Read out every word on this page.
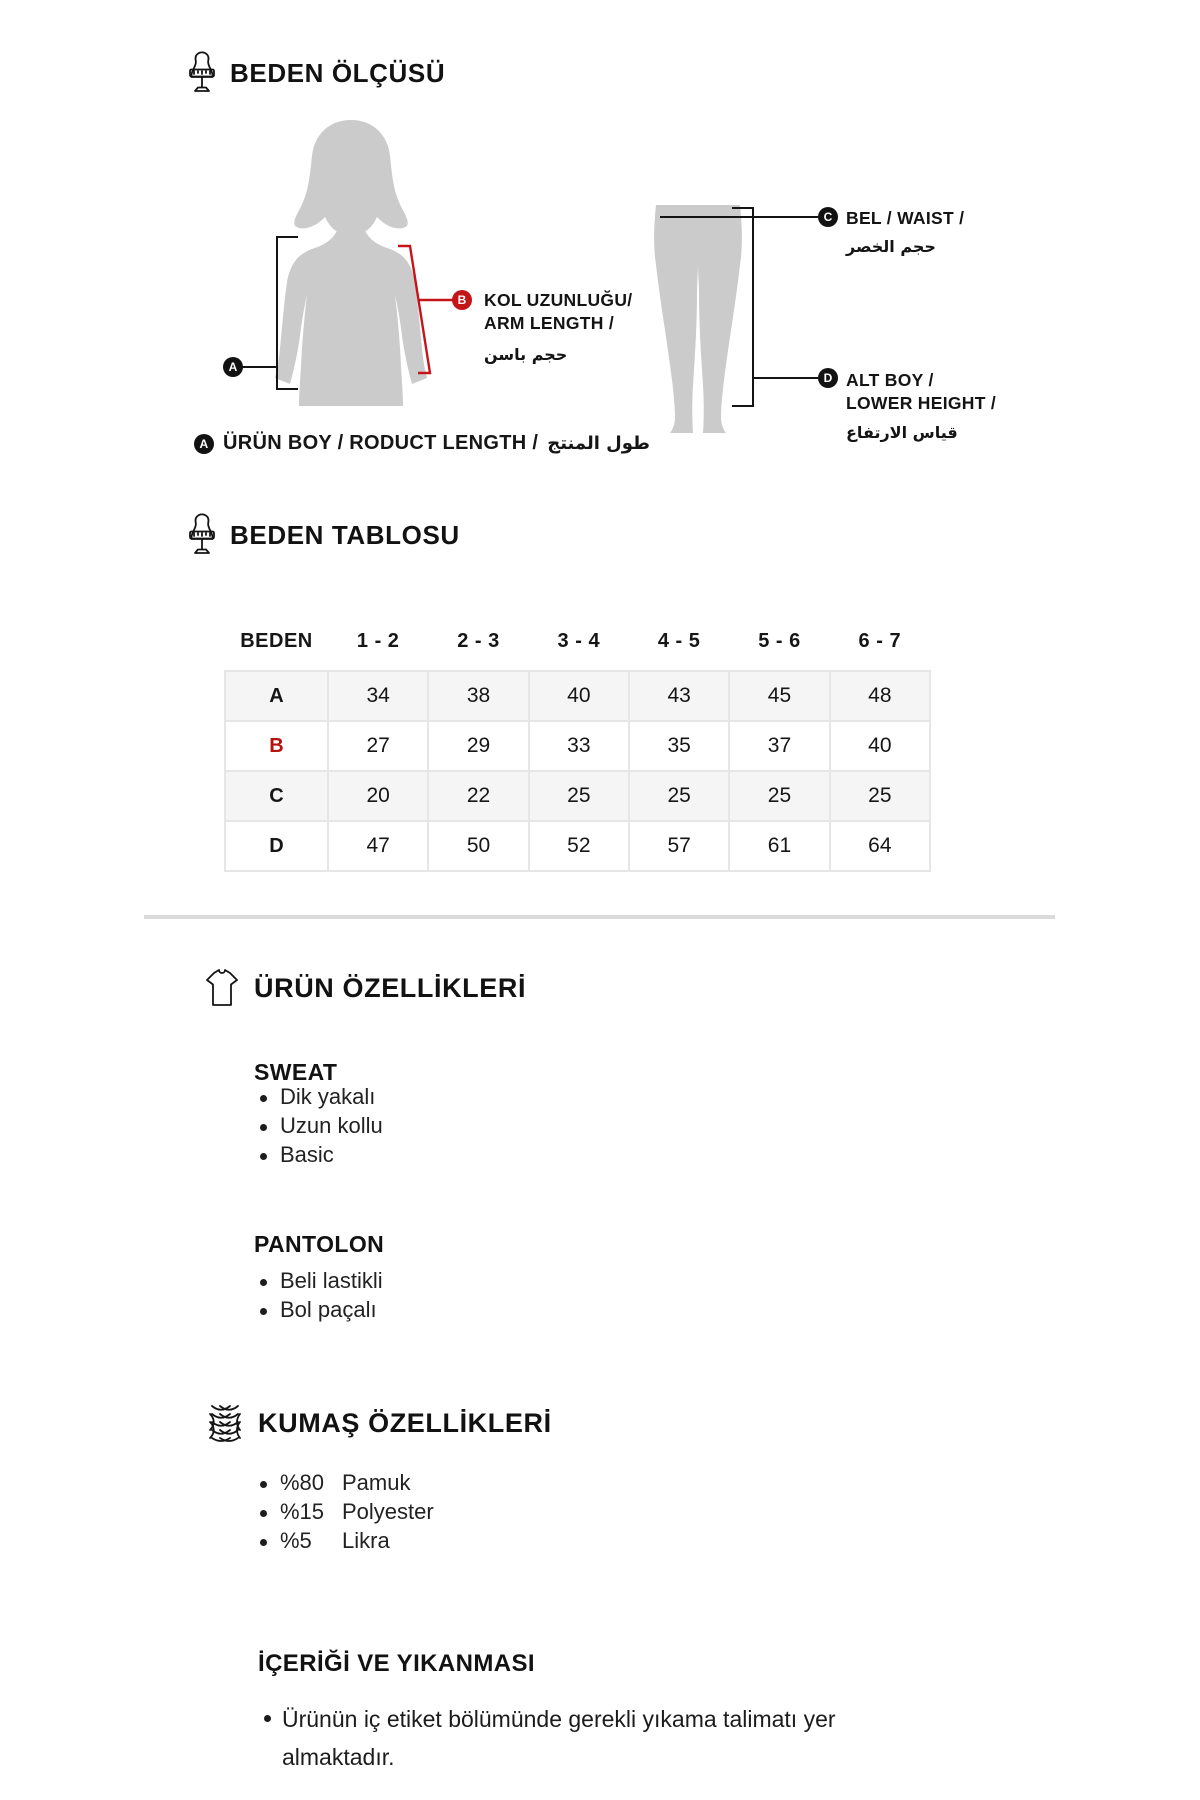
BEDEN ÖLÇÜSÜ
A
B	KOL UZUNLUĞU/
ARM LENGTH /
حجم باسن
C BEL / WAIST /
حجم الخصر
D ALT BOY /
LOWER HEIGHT /
قياس الارتفاع
A ÜRÜN BOY / RODUCT LENGTH / طول المنتج
BEDEN TABLOSU
BEDEN	1 - 2	2 - 3	3 - 4	4 - 5	5 - 6	6 - 7
A	34	38	40	43	45	48
B	27	29	33	35	37	40
C	20	22	25	25	25	25
D	47	50	52	57	61	64
ÜRÜN ÖZELLİKLERİ
SWEAT
Dik yakalı
Uzun kollu
Basic
PANTOLON
Beli lastikli
Bol paçalı
KUMAŞ ÖZELLİKLERİ
%80 Pamuk
%15 Polyester
%5 Likra
İÇERİĞİ VE YIKANMASI
Ürünün iç etiket bölümünde gerekli yıkama talimatı yer almaktadır.
